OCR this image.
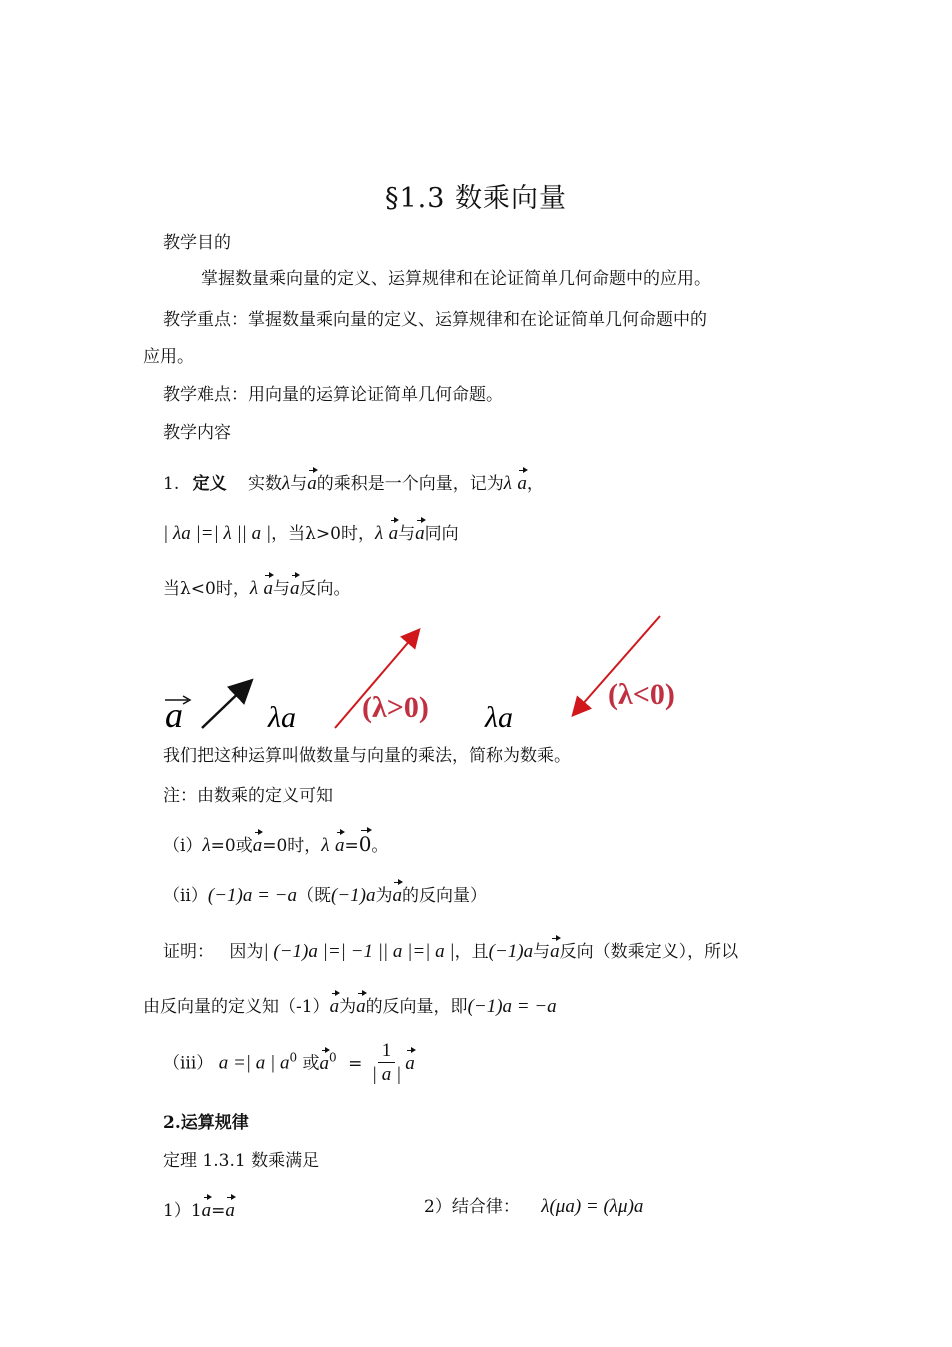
§1.3 数乘向量
教学目的
掌握数量乘向量的定义、运算规律和在论证简单几何命题中的应用。
教学重点：掌握数量乘向量的定义、运算规律和在论证简单几何命题中的
应用。
教学难点：用向量的运算论证简单几何命题。
教学内容
1. 定义 实数λ与a的乘积是一个向量，记为λ a，
| λa |=| λ || a |，当λ>0时，λ a与a同向
当λ<0时，λ a与a反向。
a	λa (λ>0) λa
(λ<0)
我们把这种运算叫做数量与向量的乘法，简称为数乘。
注：由数乘的定义可知
（i）λ=0或a=0时，λ a=0。
（ii）(−1)a = −a（既(−1)a为a的反向量）
证明： 因为| (−1)a |=| −1 || a |=| a |，且(−1)a与a反向（数乘定义），所以
由反向量的定义知（-1）a为a的反向量，即(−1)a = −a
（iii） a =| a | $a^0$ 或$a^0 = \frac{1}{| a |}$ a
2.运算规律
定理 1.3.1 数乘满足
1）1a=a	2）结合律： λ(μa) = (λμ)a
